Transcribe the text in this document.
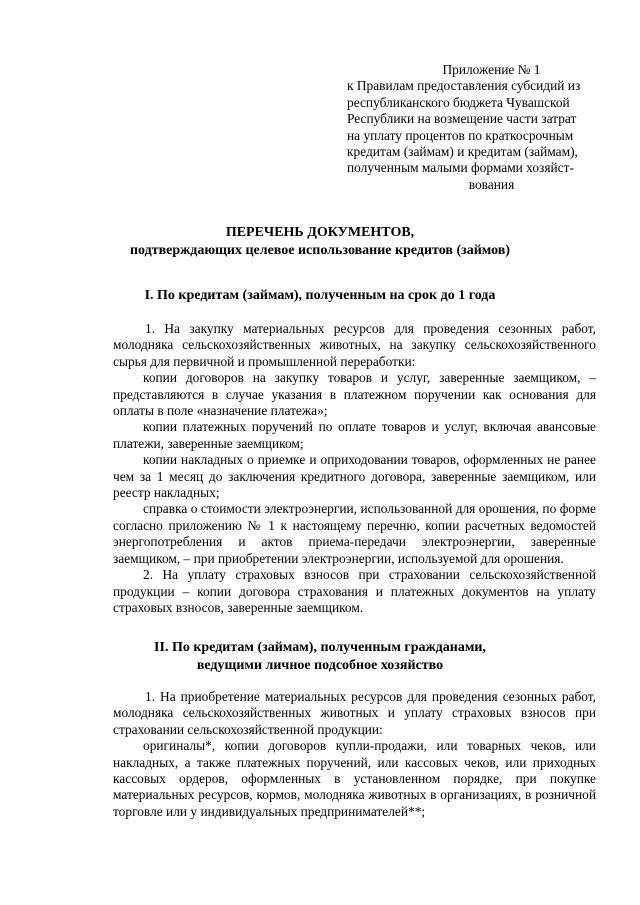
Приложение № 1
к Правилам предоставления субсидий из
республиканского бюджета Чувашской
Республики на возмещение части затрат
на уплату процентов по краткосрочным
кредитам (займам) и кредитам (займам),
полученным малыми формами хозяйст-
вования
ПЕРЕЧЕНЬ ДОКУМЕНТОВ,
подтверждающих целевое использование кредитов (займов)
I. По кредитам (займам), полученным на срок до 1 года

1. На закупку материальных ресурсов для проведения сезонных работ, молодняка сельскохозяйственных животных, на закупку сельскохозяйственного сырья для первичной и промышленной переработки:

копии договоров на закупку товаров и услуг, заверенные заемщиком, – представляются в случае указания в платежном поручении как основания для оплаты в поле «назначение платежа»;

копии платежных поручений по оплате товаров и услуг, включая авансовые платежи, заверенные заемщиком;

копии накладных о приемке и оприходовании товаров, оформленных не ранее чем за 1 месяц до заключения кредитного договора, заверенные заемщиком, или реестр накладных;

справка о стоимости электроэнергии, использованной для орошения, по форме согласно приложению № 1 к настоящему перечню, копии расчетных ведомостей энергопотребления и актов приема-передачи электроэнергии, заверенные заемщиком, – при приобретении электроэнергии, используемой для орошения.

2. На уплату страховых взносов при страховании сельскохозяйственной продукции – копии договора страхования и платежных документов на уплату страховых взносов, заверенные заемщиком.

II. По кредитам (займам), полученным гражданами,
ведущими личное подсобное хозяйство

1. На приобретение материальных ресурсов для проведения сезонных работ, молодняка сельскохозяйственных животных и уплату страховых взносов при страховании сельскохозяйственной продукции:

оригиналы*, копии договоров купли-продажи, или товарных чеков, или накладных, а также платежных поручений, или кассовых чеков, или приходных кассовых ордеров, оформленных в установленном порядке, при покупке материальных ресурсов, кормов, молодняка животных в организациях, в розничной торговле или у индивидуальных предпринимателей**;
